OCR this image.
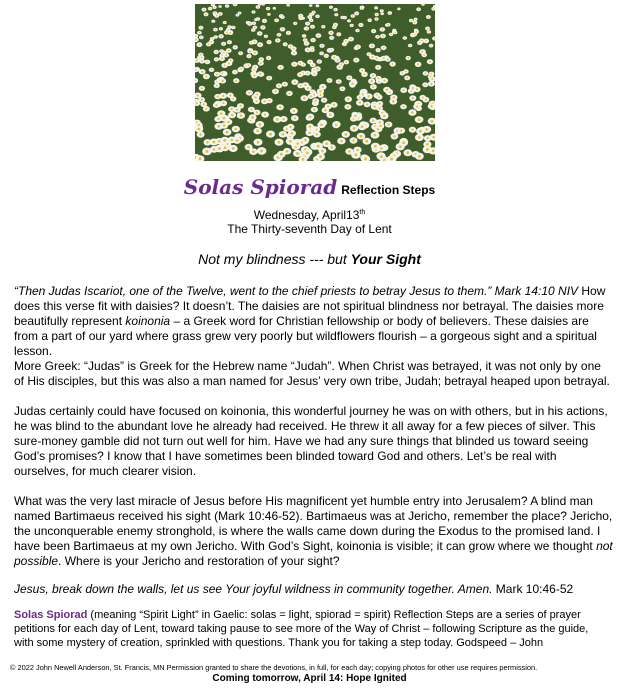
Solas Spiorad Reflection Steps
Wednesday, April13th
The Thirty-seventh Day of Lent
Not my blindness --- but Your Sight

“Then Judas Iscariot, one of the Twelve, went to the chief priests to betray Jesus to them.” Mark 14:10 NIV How does this verse fit with daisies? It doesn’t. The daisies are not spiritual blindness nor betrayal. The daisies more beautifully represent koinonia – a Greek word for Christian fellowship or body of believers. These daisies are from a part of our yard where grass grew very poorly but wildflowers flourish – a gorgeous sight and a spiritual lesson.

More Greek: “Judas” is Greek for the Hebrew name “Judah”. When Christ was betrayed, it was not only by one of His disciples, but this was also a man named for Jesus’ very own tribe, Judah; betrayal heaped upon betrayal.

Judas certainly could have focused on koinonia, this wonderful journey he was on with others, but in his actions, he was blind to the abundant love he already had received. He threw it all away for a few pieces of silver. This sure-money gamble did not turn out well for him. Have we had any sure things that blinded us toward seeing God’s promises? I know that I have sometimes been blinded toward God and others. Let’s be real with ourselves, for much clearer vision.

What was the very last miracle of Jesus before His magnificent yet humble entry into Jerusalem? A blind man named Bartimaeus received his sight (Mark 10:46-52). Bartimaeus was at Jericho, remember the place? Jericho, the unconquerable enemy stronghold, is where the walls came down during the Exodus to the promised land. I have been Bartimaeus at my own Jericho. With God’s Sight, koinonia is visible; it can grow where we thought not possible. Where is your Jericho and restoration of your sight?

Jesus, break down the walls, let us see Your joyful wildness in community together. Amen. Mark 10:46-52

Solas Spiorad (meaning “Spirit Light” in Gaelic: solas = light, spiorad = spirit) Reflection Steps are a series of prayer petitions for each day of Lent, toward taking pause to see more of the Way of Christ – following Scripture as the guide, with some mystery of creation, sprinkled with questions. Thank you for taking a step today. Godspeed – John

© 2022 John Newell Anderson, St. Francis, MN Permission granted to share the devotions, in full, for each day; copying photos for other use requires permission.
Coming tomorrow, April 14: Hope Ignited
